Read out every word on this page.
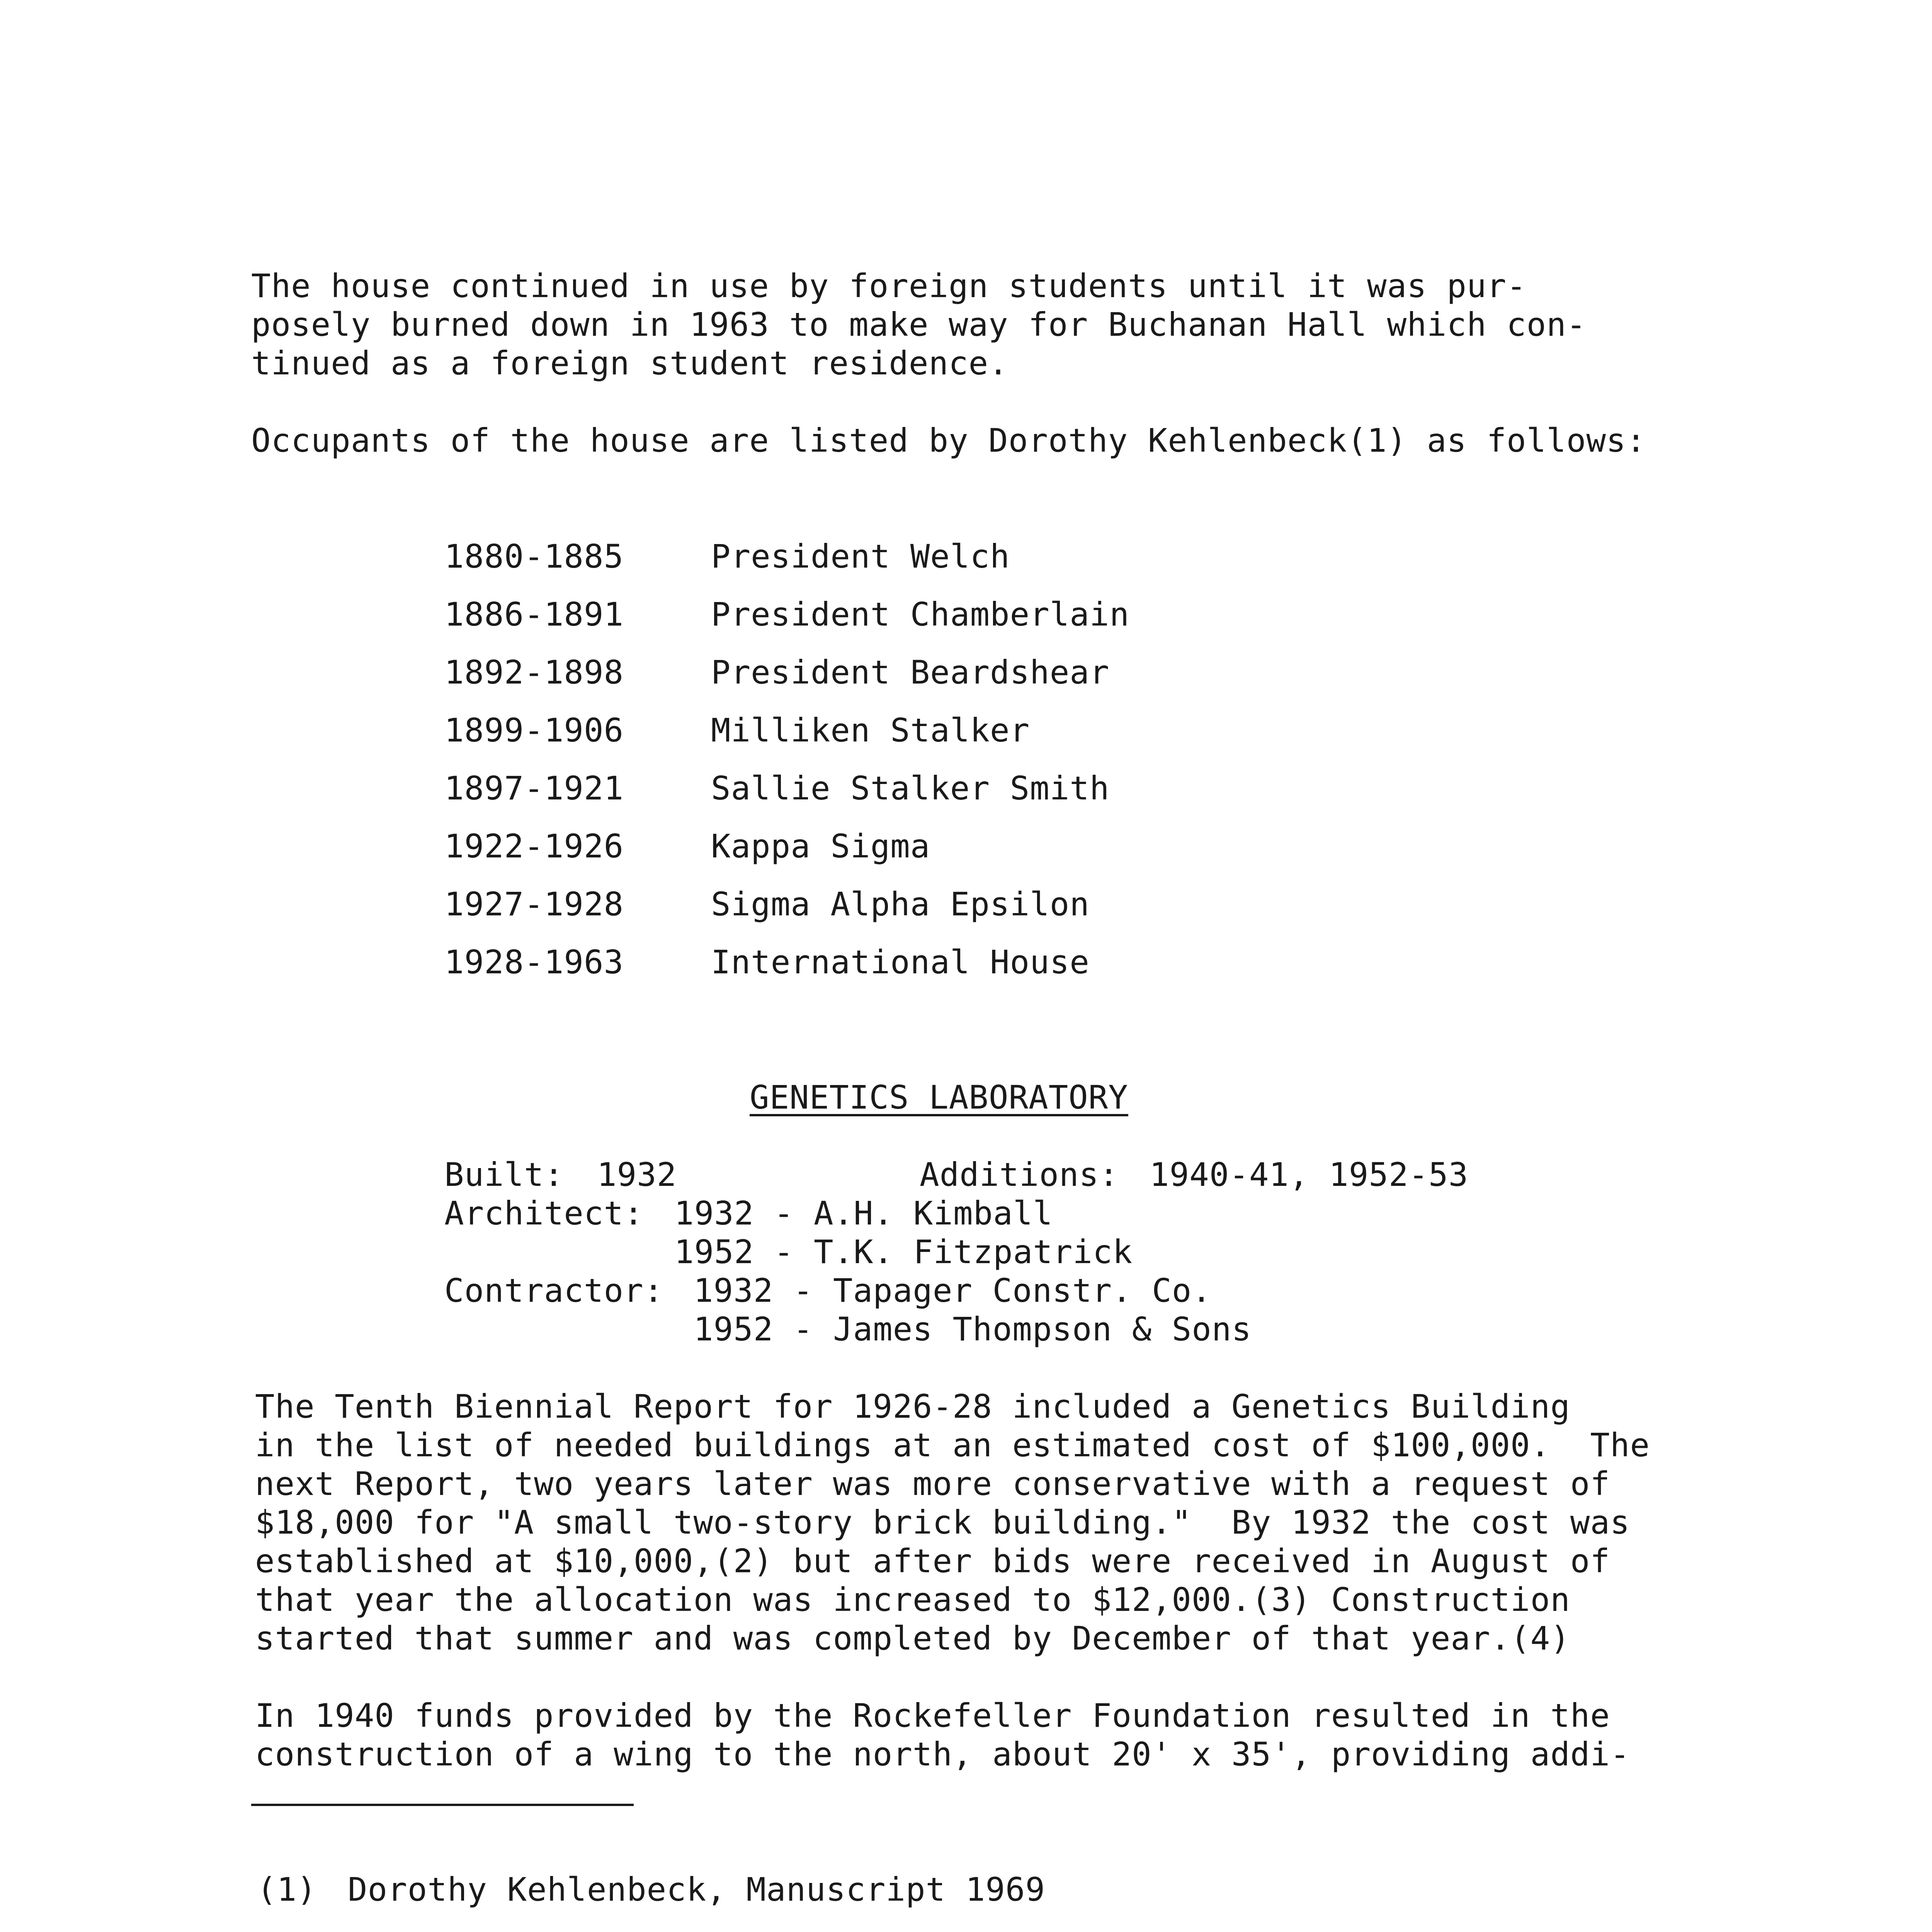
The house continued in use by foreign students until it was pur-
posely burned down in 1963 to make way for Buchanan Hall which con-
tinued as a foreign student residence.
Occupants of the house are listed by Dorothy Kehlenbeck(1) as follows:
1880-1885	President Welch
1886-1891	President Chamberlain
1892-1898	President Beardshear
1899-1906	Milliken Stalker
1897-1921	Sallie Stalker Smith
1922-1926	Kappa Sigma
1927-1928	Sigma Alpha Epsilon
1928-1963	International House
GENETICS LABORATORY
Built: 1932	Additions: 1940-41, 1952-53
Architect: 1932 - A.H. Kimball
1952 - T.K. Fitzpatrick
Contractor: 1932 - Tapager Constr. Co.
1952 - James Thompson & Sons
The Tenth Biennial Report for 1926-28 included a Genetics Building
in the list of needed buildings at an estimated cost of $100,000.  The
next Report, two years later was more conservative with a request of
$18,000 for "A small two-story brick building."  By 1932 the cost was
established at $10,000,(2) but after bids were received in August of
that year the allocation was increased to $12,000.(3) Construction
started that summer and was completed by December of that year.(4)
In 1940 funds provided by the Rockefeller Foundation resulted in the
construction of a wing to the north, about 20' x 35', providing addi-
(1) Dorothy Kehlenbeck, Manuscript 1969
